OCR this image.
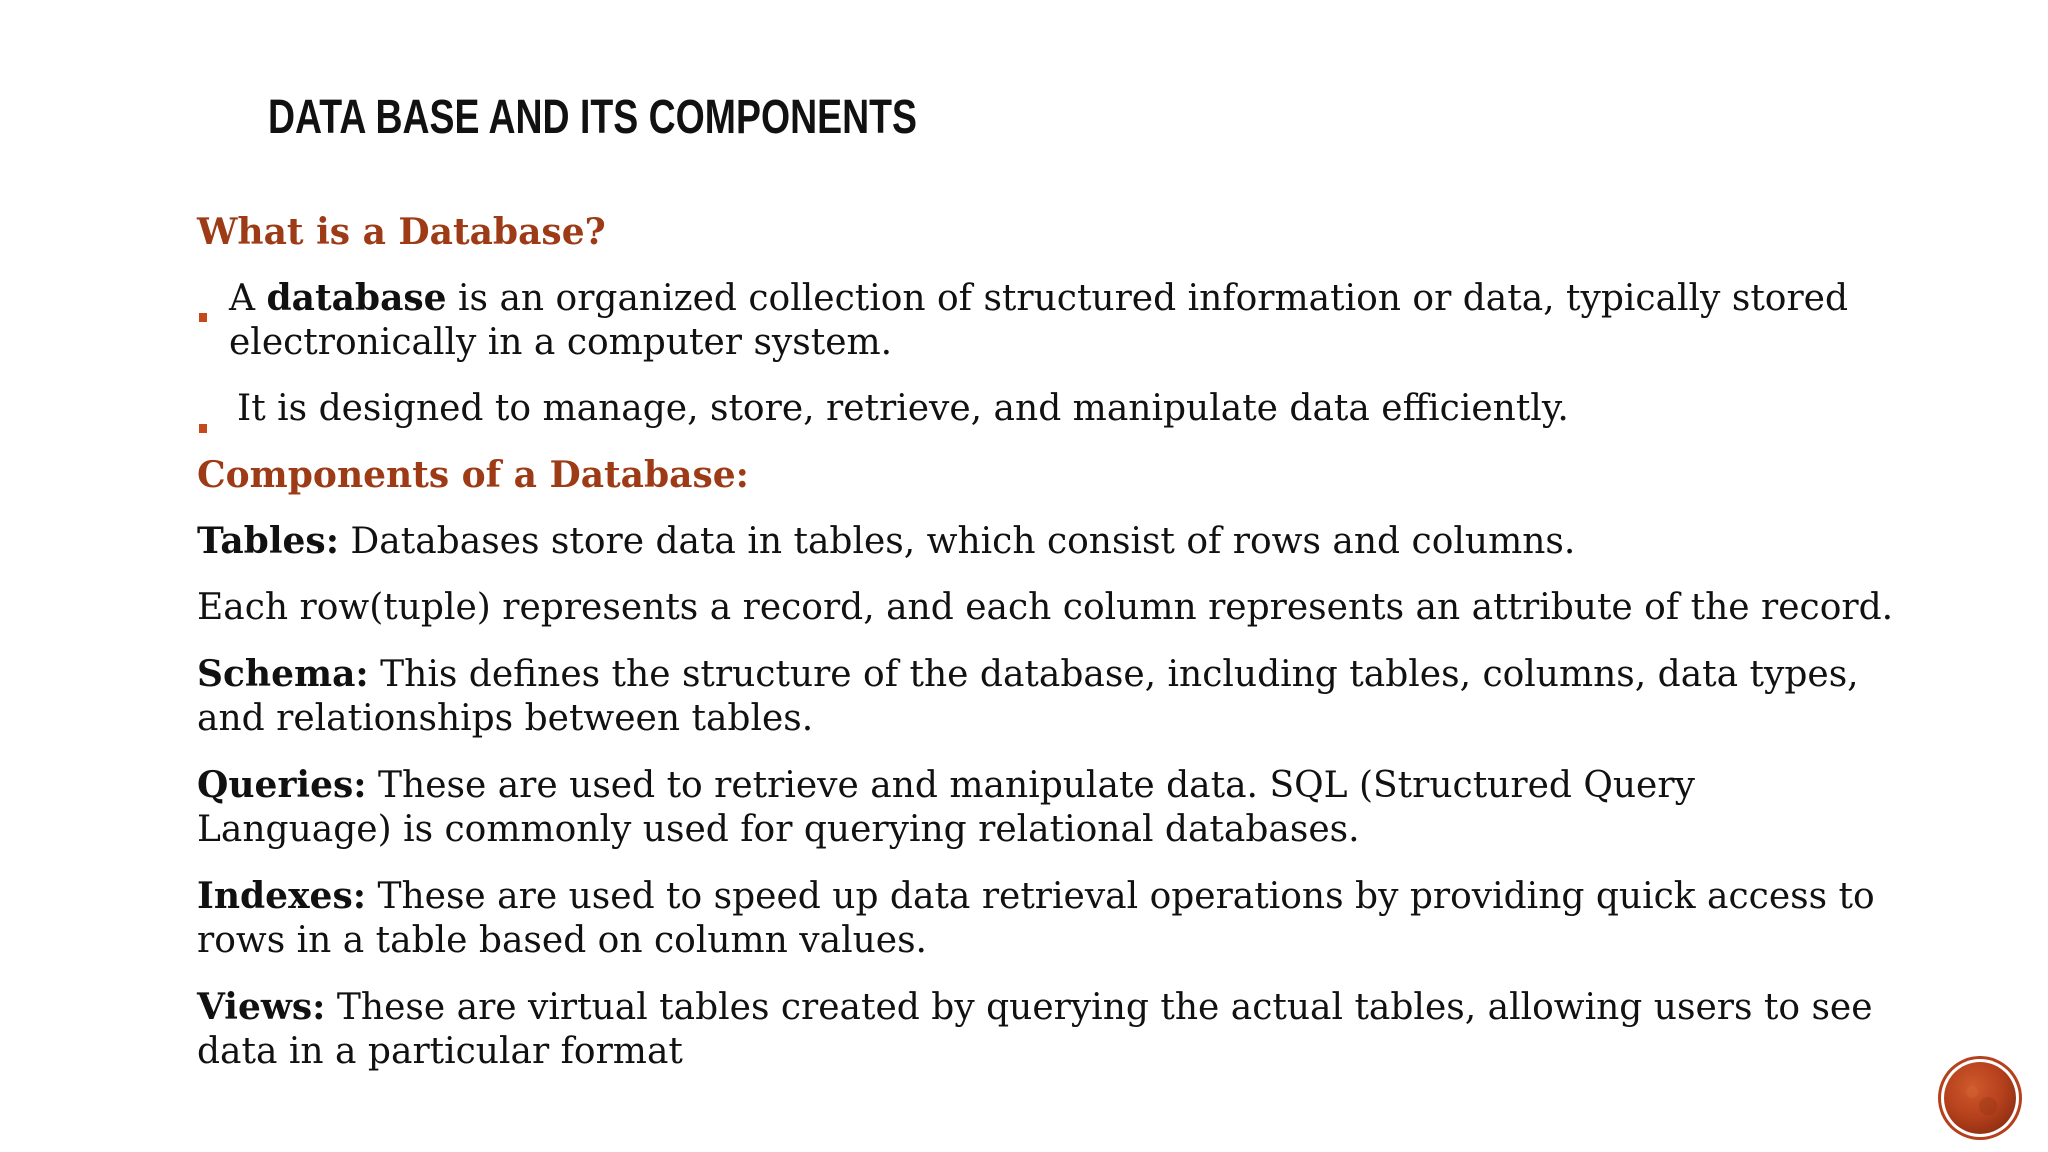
DATA BASE AND ITS COMPONENTS

What is a Database?

A database is an organized collection of structured information or data, typically stored electronically in a computer system.

It is designed to manage, store, retrieve, and manipulate data efficiently.

Components of a Database:

Tables: Databases store data in tables, which consist of rows and columns.

Each row(tuple) represents a record, and each column represents an attribute of the record.

Schema: This defines the structure of the database, including tables, columns, data types, and relationships between tables.

Queries: These are used to retrieve and manipulate data. SQL (Structured Query Language) is commonly used for querying relational databases.

Indexes: These are used to speed up data retrieval operations by providing quick access to rows in a table based on column values.

Views: These are virtual tables created by querying the actual tables, allowing users to see data in a particular format
